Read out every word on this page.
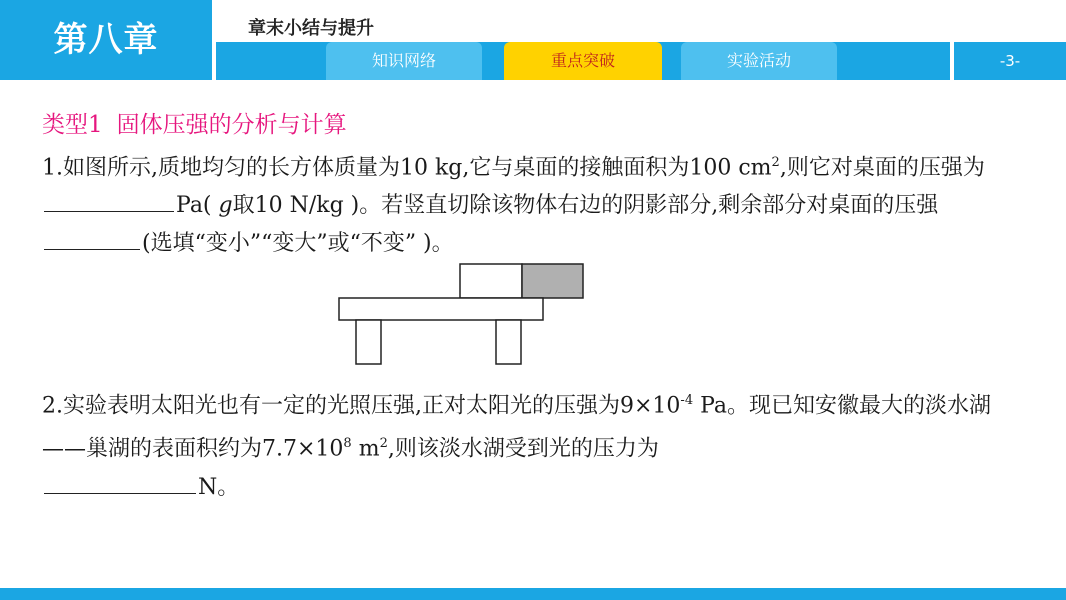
第八章	章末小结与提升
知识网络	重点突破	实验活动	-3-
类型1 固体压强的分析与计算
1.如图所示,质地均匀的长方体质量为10 kg,它与桌面的接触面积为100 $cm^2$,则它对桌面的压强为 Pa( g取10 N/kg )。若竖直切除该物体右边的阴影部分,剩余部分对桌面的压强 (选填“变小”“变大”或“不变” )。
2.实验表明太阳光也有一定的光照压强,正对太阳光的压强为$9\times 10^{-4}$ Pa。现已知安徽最大的淡水湖——巢湖的表面积约为$7.7\times 10^8$ $m^2$,则该淡水湖受到光的压力为
N。
